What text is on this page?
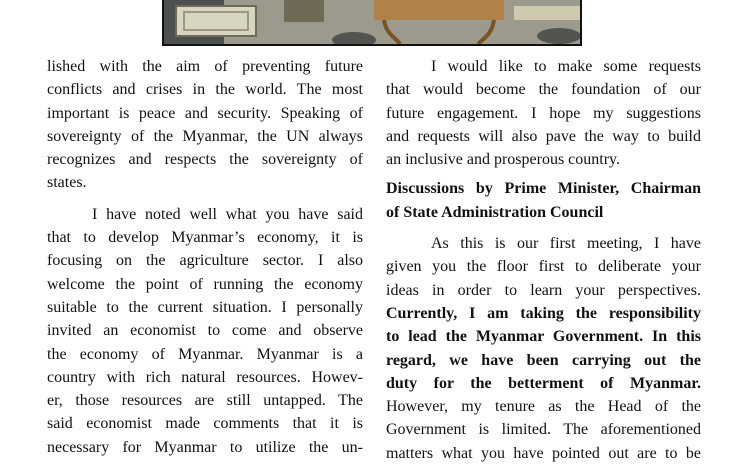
lished with the aim of preventing future
conflicts and crises in the world. The most
important is peace and security. Speaking of
sovereignty of the Myanmar, the UN always
recognizes and respects the sovereignty of
states.

I have noted well what you have said
that to develop Myanmar’s economy, it is
focusing on the agriculture sector. I also
welcome the point of running the economy
suitable to the current situation. I personally
invited an economist to come and observe
the economy of Myanmar. Myanmar is a
country with rich natural resources. Howev-
er, those resources are still untapped. The
said economist made comments that it is
necessary for Myanmar to utilize the un-

I would like to make some requests
that would become the foundation of our
future engagement. I hope my suggestions
and requests will also pave the way to build
an inclusive and prosperous country.

Discussions by Prime Minister, Chairman
of State Administration Council

As this is our first meeting, I have
given you the floor first to deliberate your
ideas in order to learn your perspectives.
Currently, I am taking the responsibility
to lead the Myanmar Government. In this
regard, we have been carrying out the
duty for the betterment of Myanmar.
However, my tenure as the Head of the
Government is limited. The aforementioned
matters what you have pointed out are to be
